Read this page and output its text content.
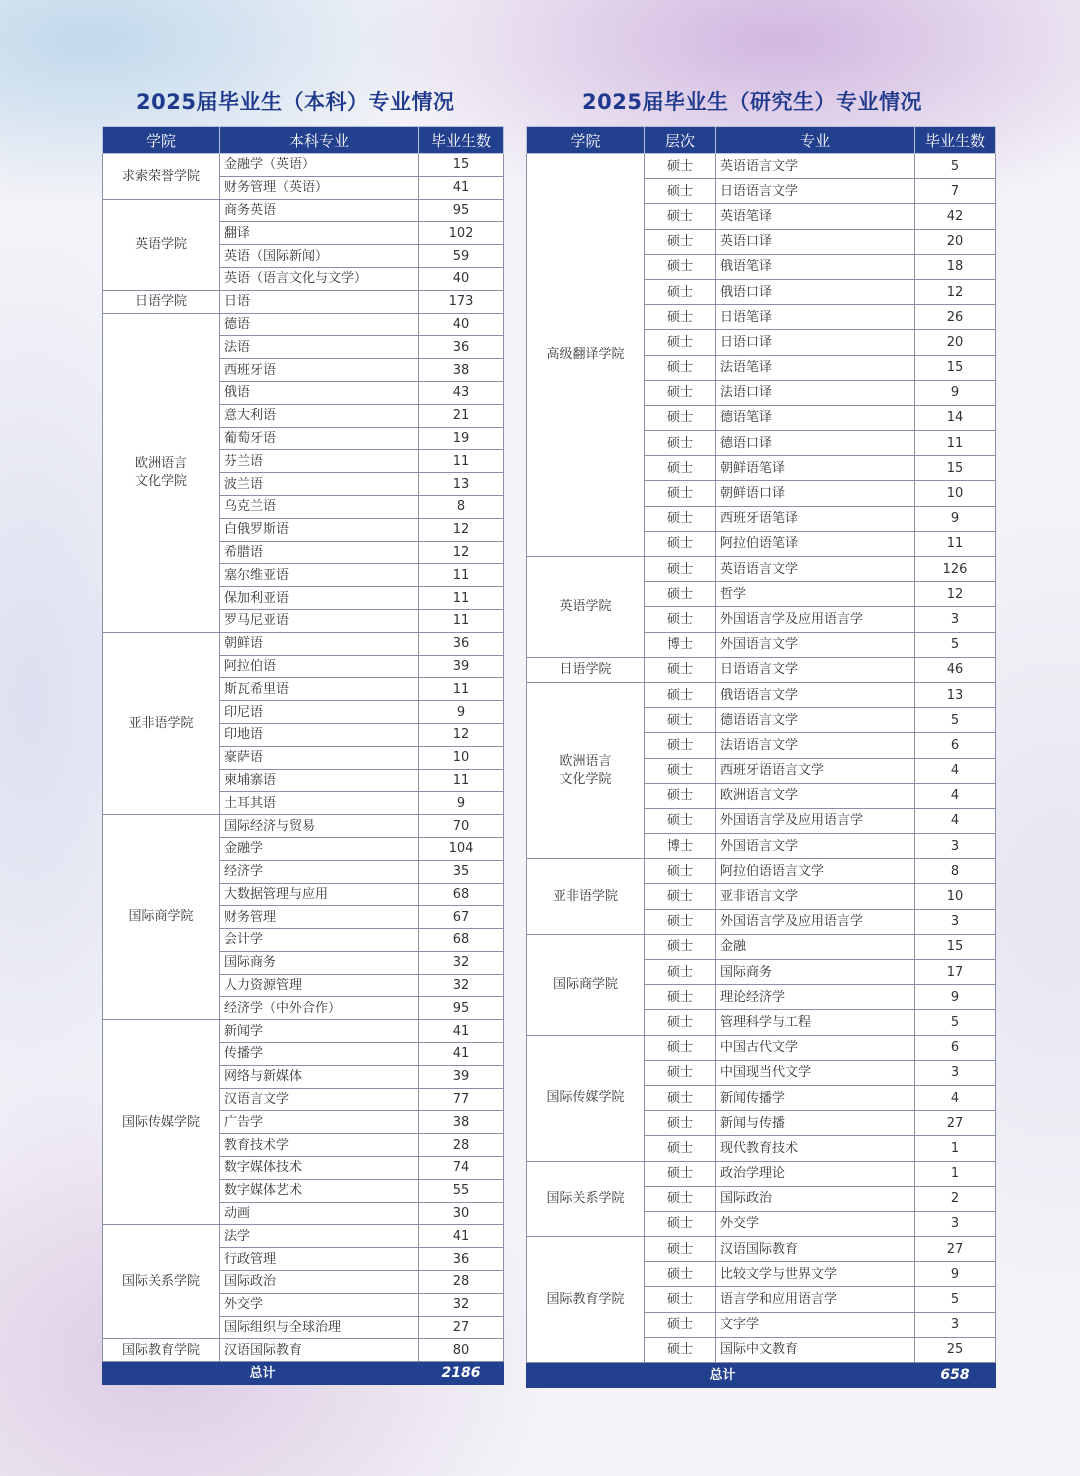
2025届毕业生（本科）专业情况	2025届毕业生（研究生）专业情况
学院	本科专业	毕业生数
求索荣誉学院	金融学（英语）	15
	财务管理（英语）	41
英语学院	商务英语	95
	翻译	102
	英语（国际新闻）	59
	英语（语言文化与文学）	40
日语学院	日语	173
欧洲语言
文化学院	德语	40
	法语	36
	西班牙语	38
	俄语	43
	意大利语	21
	葡萄牙语	19
	芬兰语	11
	波兰语	13
	乌克兰语	8
	白俄罗斯语	12
	希腊语	12
	塞尔维亚语	11
	保加利亚语	11
	罗马尼亚语	11
亚非语学院	朝鲜语	36
	阿拉伯语	39
	斯瓦希里语	11
	印尼语	9
	印地语	12
	豪萨语	10
	柬埔寨语	11
	土耳其语	9
国际商学院	国际经济与贸易	70
	金融学	104
	经济学	35
	大数据管理与应用	68
	财务管理	67
	会计学	68
	国际商务	32
	人力资源管理	32
	经济学（中外合作）	95
国际传媒学院	新闻学	41
	传播学	41
	网络与新媒体	39
	汉语言文学	77
	广告学	38
	教育技术学	28
	数字媒体技术	74
	数字媒体艺术	55
	动画	30
国际关系学院	法学	41
	行政管理	36
	国际政治	28
	外交学	32
	国际组织与全球治理	27
国际教育学院	汉语国际教育	80
总计		2186
学院	层次	专业	毕业生数
高级翻译学院	硕士	英语语言文学	5
	硕士	日语语言文学	7
	硕士	英语笔译	42
	硕士	英语口译	20
	硕士	俄语笔译	18
	硕士	俄语口译	12
	硕士	日语笔译	26
	硕士	日语口译	20
	硕士	法语笔译	15
	硕士	法语口译	9
	硕士	德语笔译	14
	硕士	德语口译	11
	硕士	朝鲜语笔译	15
	硕士	朝鲜语口译	10
	硕士	西班牙语笔译	9
	硕士	阿拉伯语笔译	11
英语学院	硕士	英语语言文学	126
	硕士	哲学	12
	硕士	外国语言学及应用语言学	3
	博士	外国语言文学	5
日语学院	硕士	日语语言文学	46
欧洲语言
文化学院	硕士	俄语语言文学	13
	硕士	德语语言文学	5
	硕士	法语语言文学	6
	硕士	西班牙语语言文学	4
	硕士	欧洲语言文学	4
	硕士	外国语言学及应用语言学	4
	博士	外国语言文学	3
亚非语学院	硕士	阿拉伯语语言文学	8
	硕士	亚非语言文学	10
	硕士	外国语言学及应用语言学	3
国际商学院	硕士	金融	15
	硕士	国际商务	17
	硕士	理论经济学	9
	硕士	管理科学与工程	5
国际传媒学院	硕士	中国古代文学	6
	硕士	中国现当代文学	3
	硕士	新闻传播学	4
	硕士	新闻与传播	27
	硕士	现代教育技术	1
国际关系学院	硕士	政治学理论	1
	硕士	国际政治	2
	硕士	外交学	3
国际教育学院	硕士	汉语国际教育	27
	硕士	比较文学与世界文学	9
	硕士	语言学和应用语言学	5
	硕士	文字学	3
	硕士	国际中文教育	25
总计			658
